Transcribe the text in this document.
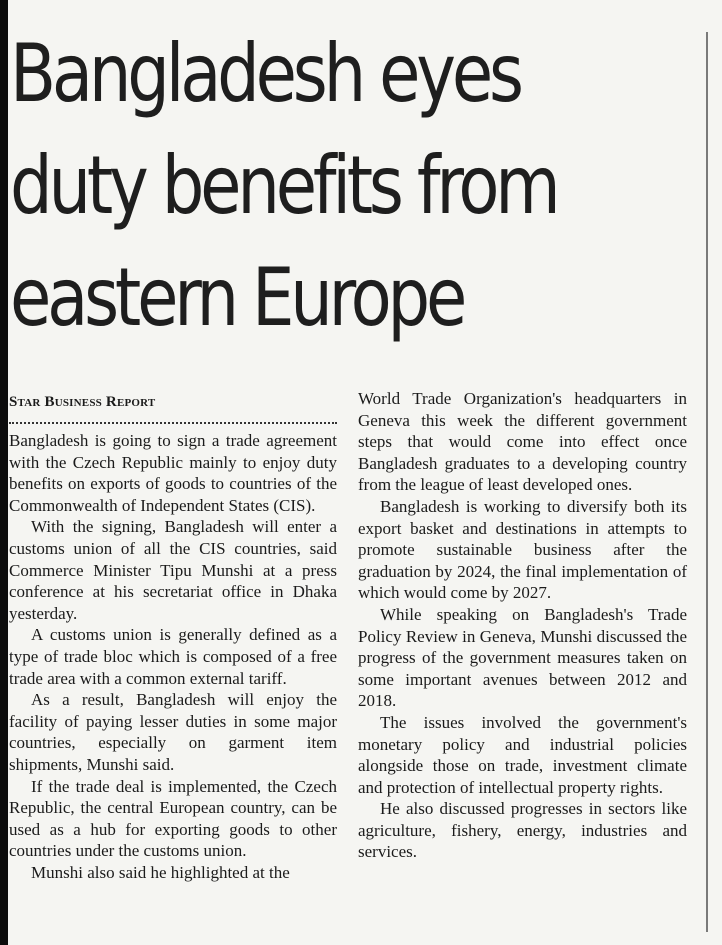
Bangladesh eyes
duty benefits from
eastern Europe
Star Business Report

Bangladesh is going to sign a trade agreement with the Czech Republic mainly to enjoy duty benefits on exports of goods to countries of the Commonwealth of Independent States (CIS).

With the signing, Bangladesh will enter a customs union of all the CIS countries, said Commerce Minister Tipu Munshi at a press conference at his secretariat office in Dhaka yesterday.

A customs union is generally defined as a type of trade bloc which is composed of a free trade area with a common external tariff.

As a result, Bangladesh will enjoy the facility of paying lesser duties in some major countries, especially on garment item shipments, Munshi said.

If the trade deal is implemented, the Czech Republic, the central European country, can be used as a hub for exporting goods to other countries under the customs union.

Munshi also said he highlighted at the

World Trade Organization's headquarters in Geneva this week the different government steps that would come into effect once Bangladesh graduates to a developing country from the league of least developed ones.

Bangladesh is working to diversify both its export basket and destinations in attempts to promote sustainable business after the graduation by 2024, the final implementation of which would come by 2027.

While speaking on Bangladesh's Trade Policy Review in Geneva, Munshi discussed the progress of the government measures taken on some important avenues between 2012 and 2018.

The issues involved the government's monetary policy and industrial policies alongside those on trade, investment climate and protection of intellectual property rights.

He also discussed progresses in sectors like agriculture, fishery, energy, industries and services.
